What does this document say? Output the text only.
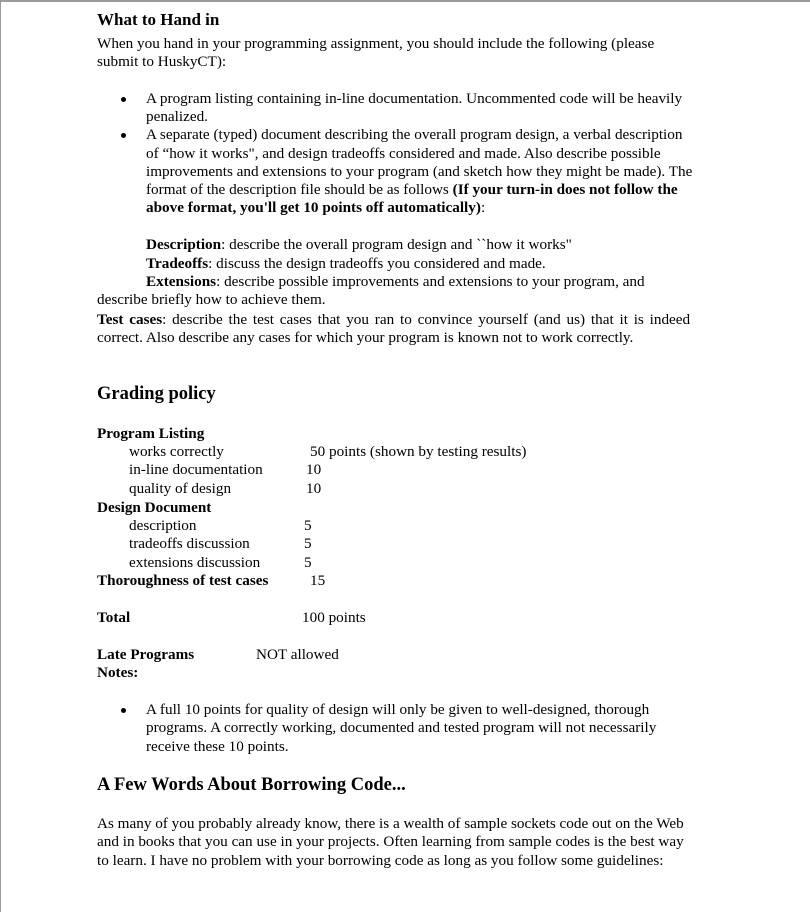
What to Hand in
When you hand in your programming assignment, you should include the following (please
submit to HuskyCT):
A program listing containing in-line documentation. Uncommented code will be heavily
penalized.
A separate (typed) document describing the overall program design, a verbal description
of “how it works", and design tradeoffs considered and made. Also describe possible
improvements and extensions to your program (and sketch how they might be made). The
format of the description file should be as follows (If your turn-in does not follow the
above format, you'll get 10 points off automatically):
Description: describe the overall program design and ``how it works"
Tradeoffs: discuss the design tradeoffs you considered and made.
Extensions: describe possible improvements and extensions to your program, and
describe briefly how to achieve them.
Test cases: describe the test cases that you ran to convince yourself (and us) that it is indeed
correct. Also describe any cases for which your program is known not to work correctly.
Grading policy
Program Listing
works correctly	50 points (shown by testing results)
in-line documentation	10
quality of design	10
Design Document
description	5
tradeoffs discussion	5
extensions discussion	5
Thoroughness of test cases	15
Total	100 points
Late Programs	NOT allowed
Notes:
A full 10 points for quality of design will only be given to well-designed, thorough
programs. A correctly working, documented and tested program will not necessarily
receive these 10 points.
A Few Words About Borrowing Code...
As many of you probably already know, there is a wealth of sample sockets code out on the Web
and in books that you can use in your projects. Often learning from sample codes is the best way
to learn. I have no problem with your borrowing code as long as you follow some guidelines:
